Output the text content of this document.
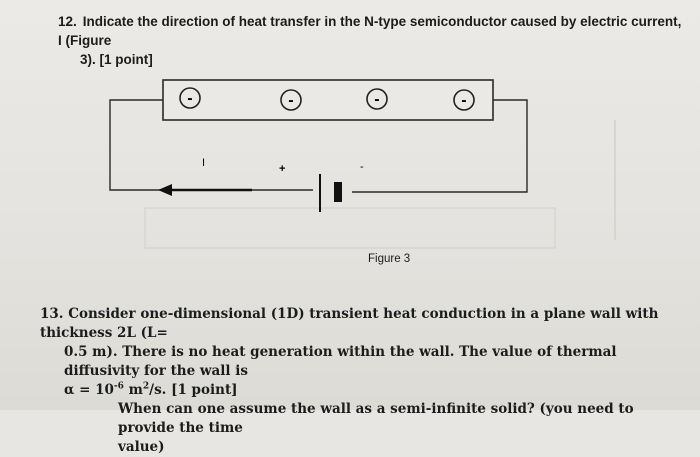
12. Indicate the direction of heat transfer in the N-type semiconductor caused by electric current, I (Figure
3). [1 point]
-	-	-	-
I	+	-
Figure 3
13. Consider one-dimensional (1D) transient heat conduction in a plane wall with thickness 2L (L=
0.5 m). There is no heat generation within the wall. The value of thermal diffusivity for the wall is
$\alpha = 10^{-6}$ $m^2/s$. [1 point]
When can one assume the wall as a semi-infinite solid? (you need to provide the time
value)
